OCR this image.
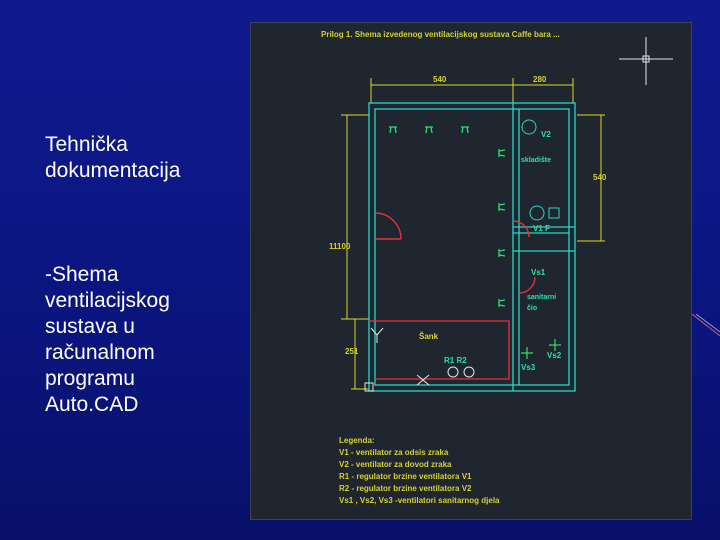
Tehnička
dokumentacija
-Shema
ventilacijskog
sustava u
računalnom
programu
Auto.CAD
Prilog 1. Shema izvedenog ventilacijskog sustava Caffe bara ...
540	280
540
11100
251
V2
skladište
V1 F
Vs1
sanitarni
čio
Vs2
Vs3
Šank
R1 R2
Legenda:
V1 - ventilator za odsis zraka
V2 - ventilator za dovod zraka
R1 - regulator brzine ventilatora V1
R2 - regulator brzine ventilatora V2
Vs1 , Vs2, Vs3 -ventilatori sanitarnog djela
